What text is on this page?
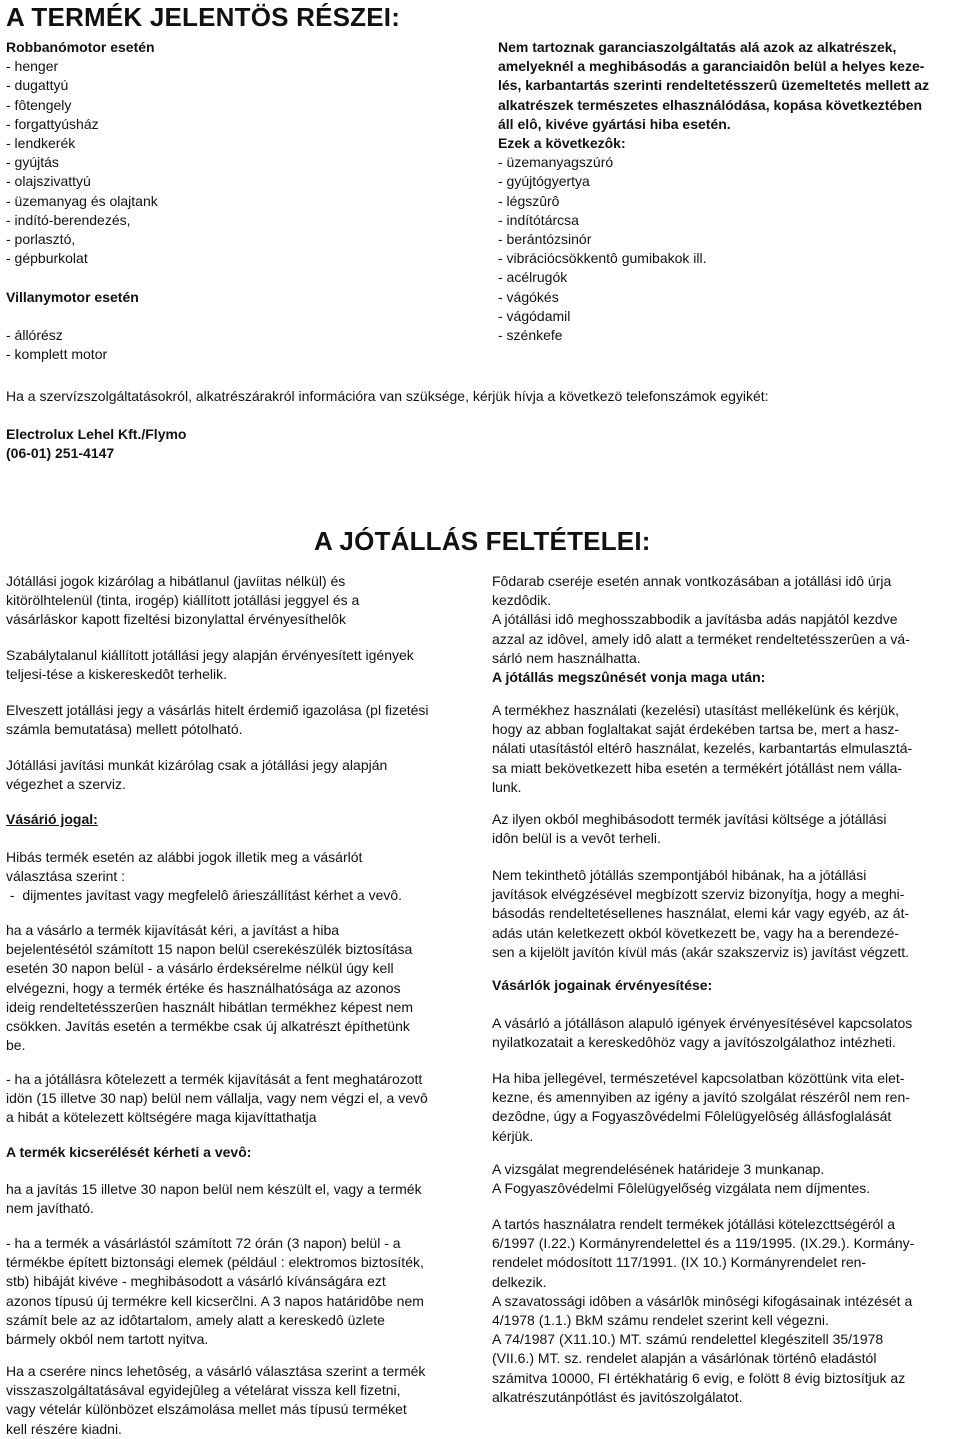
A TERMÉK JELENTÖS RÉSZEI:
Robbanómotor esetén
- henger
- dugattyú
- fôtengely
- forgattyúsház
- lendkerék
- gyújtás
- olajszivattyú
- üzemanyag és olajtank
- indító-berendezés,
- porlasztó,
- gépburkolat
Villanymotor esetén
- állórész
- komplett motor
Nem tartoznak garanciaszolgáltatás alá azok az alkatrészek,
amelyeknél a meghibásodás a garanciaidôn belül a helyes keze-
lés, karbantartás szerinti rendeltetésszerû üzemeltetés mellett az
alkatrészek természetes elhasználódása, kopása következtében
áll elô, kivéve gyártási hiba esetén.
Ezek a következôk:
- üzemanyagszúró
- gyújtógyertya
- légszûrô
- indítótárcsa
- berántózsinór
- vibrációcsökkentô gumibakok ill.
- acélrugók
- vágókés
- vágódamil
- szénkefe
Ha a szervízszolgáltatásokról, alkatrészárakról információra van szüksége, kérjük hívja a következö telefonszámok egyikét:
Electrolux Lehel Kft./Flymo
(06-01) 251-4147
A JÓTÁLLÁS FELTÉTELEI:
Jótállási jogok kizárólag a hibátlanul (javíitas nélkül) és
kitörölhtelenül (tinta, irogép) kiállított jotállási jeggyel és a
vásárláskor kapott fizeltési bizonylattal érvényesíthelôk
Szabálytalanul kiállított jotállási jegy alapján érvényesített igények
teljesi-tése a kiskereskedôt terhelik.
Elveszett jotállási jegy a vásárlás hitelt érdemiő igazolása (pl fizetési
számla bemutatása) mellett pótolható.
Jótállási javítási munkát kizárólag csak a jótállási jegy alapján
végezhet a szerviz.
Vásárió jogal:
Hibás termék esetén az alábbi jogok illetik meg a vásárlót
választása szerint :
-  dijmentes javítast vagy megfelelô árieszállítást kérhet a vevô.
ha a vásárlo a termék kijavítását kéri, a javítást a hiba
bejelentésétól számított 15 napon belül cserekészülék biztosítása
esetén 30 napon belül - a vásárlo érdeksérelme nélkül úgy kell
elvégezni, hogy a termék értéke és használhatósága az azonos
ideig rendeltetésszerûen használt hibátlan termékhez képest nem
csökken. Javítás esetén a termékbe csak új alkatrészt építhetünk
be.
- ha a jótállásra kôtelezett a termék kijavítását a fent meghatározott
idön (15 illetve 30 nap) belül nem vállalja, vagy nem végzi el, a vevô
a hibát a kötelezett költségére maga kijavíttathatja
A termék kicserélését kérheti a vevô:
ha a javítás 15 illetve 30 napon belül nem készült el, vagy a termék
nem javítható.
- ha a termék a vásárlástól számított 72 órán (3 napon) belül - a
térmékbe épített biztonsági elemek (például : elektromos biztosíték,
stb) hibáját kivéve - meghibásodott a vásárló kívánságára ezt
azonos típusú új termékre kell kicserčlni. A 3 napos határidôbe nem
számít bele az az idôtartalom, amely alatt a kereskedô üzlete
bármely okból nem tartott nyitva.
Ha a cserére nincs lehetôség, a vásárló választása szerint a termék
visszaszolgáltatásával egyidejûleg a vételárat vissza kell fizetni,
vagy vételár különbözet elszámolása mellet más típusú terméket
kell részére kiadni.
Fôdarab cseréje esetén annak vontkozásában a jotállási idô úrja
kezdôdik.
A jótállási idô meghosszabbodik a javításba adás napjától kezdve
azzal az idôvel, amely idô alatt a terméket rendeltetésszerûen a vá-
sárló nem használhatta.
A jótállás megszûnését vonja maga után:
A termékhez használati (kezelési) utasítást mellékelünk és kérjük,
hogy az abban foglaltakat saját érdekében tartsa be, mert a hasz-
nálati utasítástól eltérô használat, kezelés, karbantartás elmulasztá-
sa miatt bekövetkezett hiba esetén a termékért jótállást nem válla-
lunk.
Az ilyen okból meghibásodott termék javítási költsége a jótállási
idôn belül is a vevôt terheli.
Nem tekinthetô jótállás szempontjából hibának, ha a jótállási
javítások elvégzésével megbízott szerviz bizonyítja, hogy a meghi-
básodás rendeltetésellenes használat, elemi kár vagy egyéb, az át-
adás után keletkezett okból következett be, vagy ha a berendezé-
sen a kijelölt javítón kívül más (akár szakszerviz is) javítást végzett.
Vásárlók jogainak érvényesítése:
A vásárló a jótálláson alapuló igények érvényesítésével kapcsolatos
nyilatkozatait a kereskedôhöz vagy a javítószolgálathoz intézheti.
Ha hiba jellegével, természetével kapcsolatban közöttünk vita elet-
kezne, és amennyiben az igény a javító szolgálat részérôl nem ren-
dezôdne, úgy a Fogyaszôvédelmi Fôlelügyelôség állásfoglalását
kérjük.
A vizsgálat megrendelésének határideje 3 munkanap.
A Fogyaszôvédelmi Fôlelügyelőség vizgálata nem díjmentes.
A tartós használatra rendelt termékek jótállási kötelezcttségéról a
6/1997 (I.22.) Kormányrendelettel és a 119/1995. (IX.29.). Kormány-
rendelet módosított 117/1991. (IX 10.) Kormányrendelet ren-
delkezik.
A szavatossági idôben a vásárlôk minôségi kifogásainak intézését a
4/1978 (1.1.) BkM számu rendelet szerint kell végezni.
A 74/1987 (X11.10.) MT. számú rendelettel klegészitell 35/1978
(VII.6.) MT. sz. rendelet alapján a vásárlónak történô eladástól
számitva 10000, FI értékhatárig 6 evig, e folött 8 évig biztosítjuk az
alkatrészutánpótlást és javitószolgálatot.
